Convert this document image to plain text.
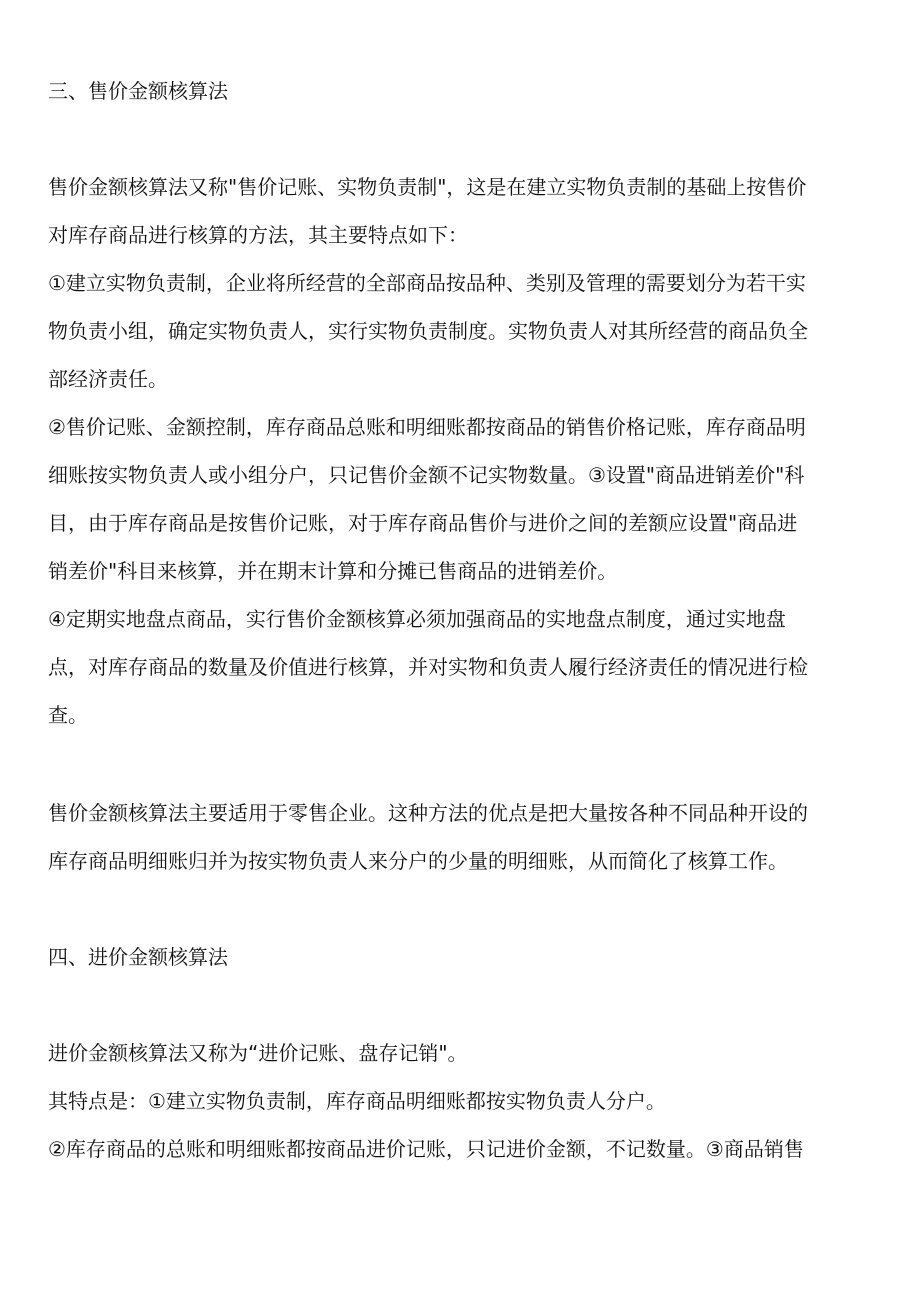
三、售价金额核算法

售价金额核算法又称"售价记账、实物负责制"，这是在建立实物负责制的基础上按售价

对库存商品进行核算的方法，其主要特点如下：

①建立实物负责制，企业将所经营的全部商品按品种、类别及管理的需要划分为若干实

物负责小组，确定实物负责人，实行实物负责制度。实物负责人对其所经营的商品负全

部经济责任。

②售价记账、金额控制，库存商品总账和明细账都按商品的销售价格记账，库存商品明

细账按实物负责人或小组分户，只记售价金额不记实物数量。③设置"商品进销差价"科

目，由于库存商品是按售价记账，对于库存商品售价与进价之间的差额应设置"商品进

销差价"科目来核算，并在期末计算和分摊已售商品的进销差价。

④定期实地盘点商品，实行售价金额核算必须加强商品的实地盘点制度，通过实地盘

点，对库存商品的数量及价值进行核算，并对实物和负责人履行经济责任的情况进行检

查。

售价金额核算法主要适用于零售企业。这种方法的优点是把大量按各种不同品种开设的

库存商品明细账归并为按实物负责人来分户的少量的明细账，从而简化了核算工作。

四、进价金额核算法

进价金额核算法又称为“进价记账、盘存记销"。

其特点是：①建立实物负责制，库存商品明细账都按实物负责人分户。

②库存商品的总账和明细账都按商品进价记账，只记进价金额，不记数量。③商品销售
